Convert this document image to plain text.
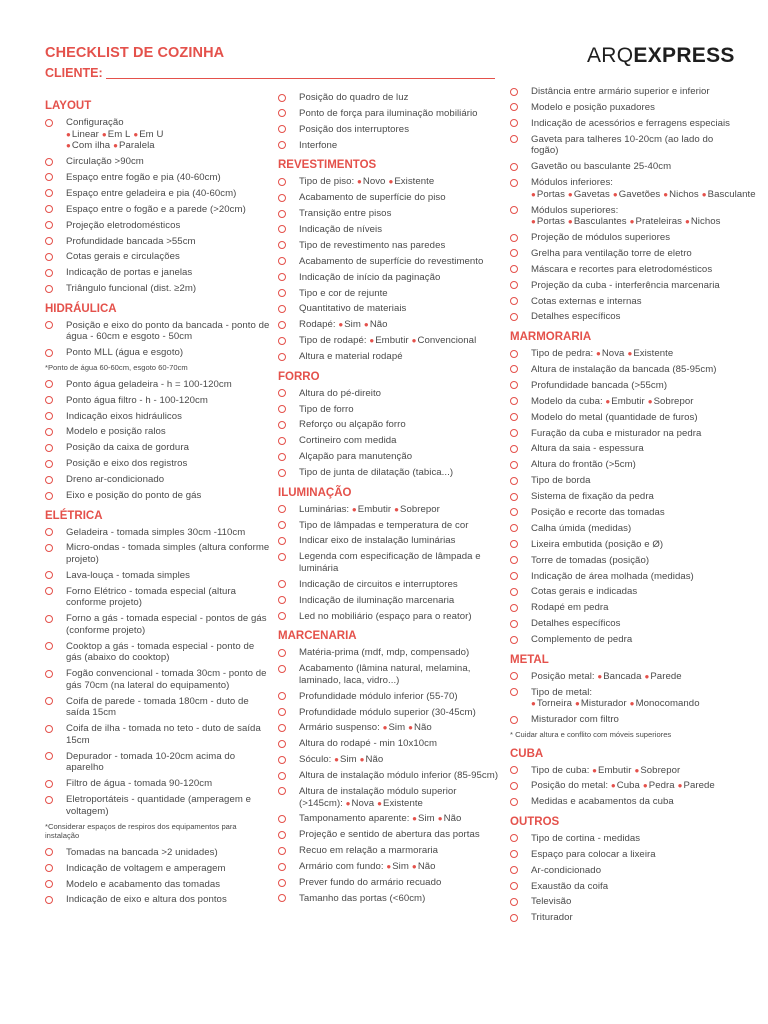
CHECKLIST DE COZINHA
CLIENTE:
ARQEXPRESS
LAYOUT
Configuração
●Linear ●Em L ●Em U
●Com ilha ●Paralela
Circulação >90cm
Espaço entre fogão e pia (40-60cm)
Espaço entre geladeira e pia (40-60cm)
Espaço entre o fogão e a parede (>20cm)
Projeção eletrodomésticos
Profundidade bancada >55cm
Cotas gerais e circulações
Indicação de portas e janelas
Triângulo funcional (dist. ≥2m)
HIDRÁULICA
Posição e eixo do ponto da bancada - ponto de água - 60cm e esgoto - 50cm
Ponto MLL (água e esgoto)
*Ponto de água 60-60cm, esgoto 60-70cm
Ponto água geladeira - h = 100-120cm
Ponto água filtro - h - 100-120cm
Indicação eixos hidráulicos
Modelo e posição ralos
Posição da caixa de gordura
Posição e eixo dos registros
Dreno ar-condicionado
Eixo e posição do ponto de gás
ELÉTRICA
Geladeira - tomada simples 30cm -110cm
Micro-ondas - tomada simples (altura conforme projeto)
Lava-louça - tomada simples
Forno Elétrico - tomada especial (altura conforme projeto)
Forno a gás - tomada especial - pontos de gás (conforme projeto)
Cooktop a gás - tomada especial - ponto de gás (abaixo do cooktop)
Fogão convencional - tomada 30cm - ponto de gás 70cm (na lateral do equipamento)
Coifa de parede - tomada 180cm - duto de saída 15cm
Coifa de ilha - tomada no teto - duto de saída 15cm
Depurador - tomada 10-20cm acima do aparelho
Filtro de água - tomada 90-120cm
Eletroportáteis - quantidade (amperagem e voltagem)
*Considerar espaços de respiros dos equipamentos para instalação
Tomadas na bancada >2 unidades)
Indicação de voltagem e amperagem
Modelo e acabamento das tomadas
Indicação de eixo e altura dos pontos
Posição do quadro de luz
Ponto de força para iluminação mobiliário
Posição dos interruptores
Interfone
REVESTIMENTOS
Tipo de piso: ●Novo ●Existente
Acabamento de superfície do piso
Transição entre pisos
Indicação de níveis
Tipo de revestimento nas paredes
Acabamento de superfície do revestimento
Indicação de início da paginação
Tipo e cor de rejunte
Quantitativo de materiais
Rodapé: ●Sim ●Não
Tipo de rodapé: ●Embutir ●Convencional
Altura e material rodapé
FORRO
Altura do pé-direito
Tipo de forro
Reforço ou alçapão forro
Cortineiro com medida
Alçapão para manutenção
Tipo de junta de dilatação (tabica...)
ILUMINAÇÃO
Luminárias: ●Embutir ●Sobrepor
Tipo de lâmpadas e temperatura de cor
Indicar eixo de instalação luminárias
Legenda com especificação de lâmpada e luminária
Indicação de circuitos e interruptores
Indicação de iluminação marcenaria
Led no mobiliário (espaço para o reator)
MARCENARIA
Matéria-prima (mdf, mdp, compensado)
Acabamento (lâmina natural, melamina, laminado, laca, vidro...)
Profundidade módulo inferior (55-70)
Profundidade módulo superior (30-45cm)
Armário suspenso: ●Sim ●Não
Altura do rodapé - min 10x10cm
Sóculo: ●Sim ●Não
Altura de instalação módulo inferior (85-95cm)
Altura de instalação módulo superior (>145cm): ●Nova ●Existente
Tamponamento aparente: ●Sim ●Não
Projeção e sentido de abertura das portas
Recuo em relação a marmoraria
Armário com fundo: ●Sim ●Não
Prever fundo do armário recuado
Tamanho das portas (<60cm)
Distância entre armário superior e inferior
Modelo e posição puxadores
Indicação de acessórios e ferragens especiais
Gaveta para talheres 10-20cm (ao lado do fogão)
Gavetão ou basculante 25-40cm
Módulos inferiores: ●Portas ●Gavetas ●Gavetões ●Nichos ●Basculante
Módulos superiores: ●Portas ●Basculantes ●Prateleiras ●Nichos
Projeção de módulos superiores
Grelha para ventilação torre de eletro
Máscara e recortes para eletrodomésticos
Projeção da cuba - interferência marcenaria
Cotas externas e internas
Detalhes específicos
MARMORARIA
Tipo de pedra: ●Nova ●Existente
Altura de instalação da bancada (85-95cm)
Profundidade bancada (>55cm)
Modelo da cuba: ●Embutir ●Sobrepor
Modelo do metal (quantidade de furos)
Furação da cuba e misturador na pedra
Altura da saia - espessura
Altura do frontão (>5cm)
Tipo de borda
Sistema de fixação da pedra
Posição e recorte das tomadas
Calha úmida (medidas)
Lixeira embutida (posição e Ø)
Torre de tomadas (posição)
Indicação de área molhada (medidas)
Cotas gerais e indicadas
Rodapé em pedra
Detalhes específicos
Complemento de pedra
METAL
Posição metal: ●Bancada ●Parede
Tipo de metal: ●Torneira ●Misturador ●Monocomando
Misturador com filtro
* Cuidar altura e conflito com móveis superiores
CUBA
Tipo de cuba: ●Embutir ●Sobrepor
Posição do metal: ●Cuba ●Pedra ●Parede
Medidas e acabamentos da cuba
OUTROS
Tipo de cortina - medidas
Espaço para colocar a lixeira
Ar-condicionado
Exaustão da coifa
Televisão
Triturador
